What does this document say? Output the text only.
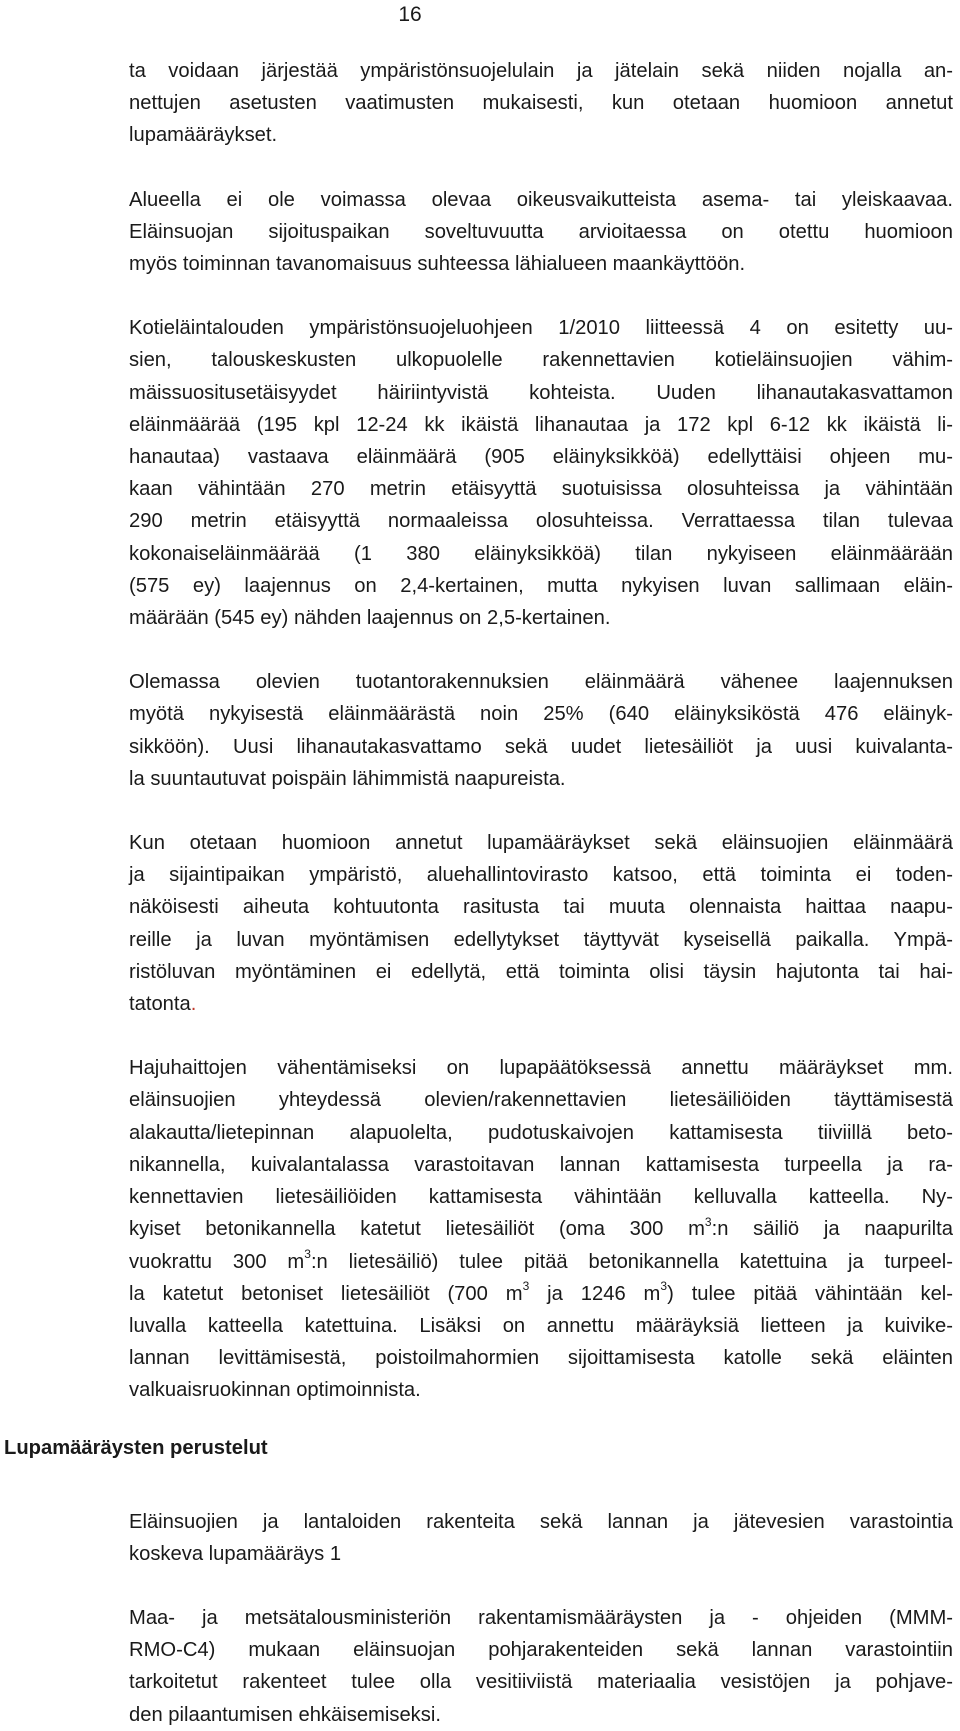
16
Lupamääräysten perustelut

ta voidaan järjestää ympäristönsuojelulain ja jätelain sekä niiden nojalla an-
nettujen asetusten vaatimusten mukaisesti, kun otetaan huomioon annetut
lupamääräykset.

Alueella ei ole voimassa olevaa oikeusvaikutteista asema- tai yleiskaavaa.
Eläinsuojan sijoituspaikan soveltuvuutta arvioitaessa on otettu huomioon
myös toiminnan tavanomaisuus suhteessa lähialueen maankäyttöön.

Kotieläintalouden ympäristönsuojeluohjeen 1/2010 liitteessä 4 on esitetty uu-
sien, talouskeskusten ulkopuolelle rakennettavien kotieläinsuojien vähim-
mäissuositusetäisyydet häiriintyvistä kohteista. Uuden lihanautakasvattamon
eläinmäärää (195 kpl 12-24 kk ikäistä lihanautaa ja 172 kpl 6-12 kk ikäistä li-
hanautaa) vastaava eläinmäärä (905 eläinyksikköä) edellyttäisi ohjeen mu-
kaan vähintään 270 metrin etäisyyttä suotuisissa olosuhteissa ja vähintään
290 metrin etäisyyttä normaaleissa olosuhteissa. Verrattaessa tilan tulevaa
kokonaiseläinmäärää (1 380 eläinyksikköä) tilan nykyiseen eläinmäärään
(575 ey) laajennus on 2,4-kertainen, mutta nykyisen luvan sallimaan eläin-
määrään (545 ey) nähden laajennus on 2,5-kertainen.

Olemassa olevien tuotantorakennuksien eläinmäärä vähenee laajennuksen
myötä nykyisestä eläinmäärästä noin 25% (640 eläinyksiköstä 476 eläinyk-
sikköön). Uusi lihanautakasvattamo sekä uudet lietesäiliöt ja uusi kuivalanta-
la suuntautuvat poispäin lähimmistä naapureista.

Kun otetaan huomioon annetut lupamääräykset sekä eläinsuojien eläinmäärä
ja sijaintipaikan ympäristö, aluehallintovirasto katsoo, että toiminta ei toden-
näköisesti aiheuta kohtuutonta rasitusta tai muuta olennaista haittaa naapu-
reille ja luvan myöntämisen edellytykset täyttyvät kyseisellä paikalla. Ympä-
ristöluvan myöntäminen ei edellytä, että toiminta olisi täysin hajutonta tai hai-
tatonta.

Hajuhaittojen vähentämiseksi on lupapäätöksessä annettu määräykset mm.
eläinsuojien yhteydessä olevien/rakennettavien lietesäiliöiden täyttämisestä
alakautta/lietepinnan alapuolelta, pudotuskaivojen kattamisesta tiiviillä beto-
nikannella, kuivalantalassa varastoitavan lannan kattamisesta turpeella ja ra-
kennettavien lietesäiliöiden kattamisesta vähintään kelluvalla katteella. Ny-
kyiset betonikannella katetut lietesäiliöt (oma 300 $m^3:n$ säiliö ja naapurilta
vuokrattu 300 $m^3:n$ lietesäiliö) tulee pitää betonikannella katettuina ja turpeel-
la katetut betoniset lietesäiliöt (700 $m^3$ ja 1246 $m^3$) tulee pitää vähintään kel-
luvalla katteella katettuina. Lisäksi on annettu määräyksiä lietteen ja kuivike-
lannan levittämisestä, poistoilmahormien sijoittamisesta katolle sekä eläinten
valkuaisruokinnan optimoinnista.

Eläinsuojien ja lantaloiden rakenteita sekä lannan ja jätevesien varastointia
koskeva lupamääräys 1

Maa- ja metsätalousministeriön rakentamismääräysten ja - ohjeiden (MMM-
RMO-C4) mukaan eläinsuojan pohjarakenteiden sekä lannan varastointiin
tarkoitetut rakenteet tulee olla vesitiiviistä materiaalia vesistöjen ja pohjave-
den pilaantumisen ehkäisemiseksi.
